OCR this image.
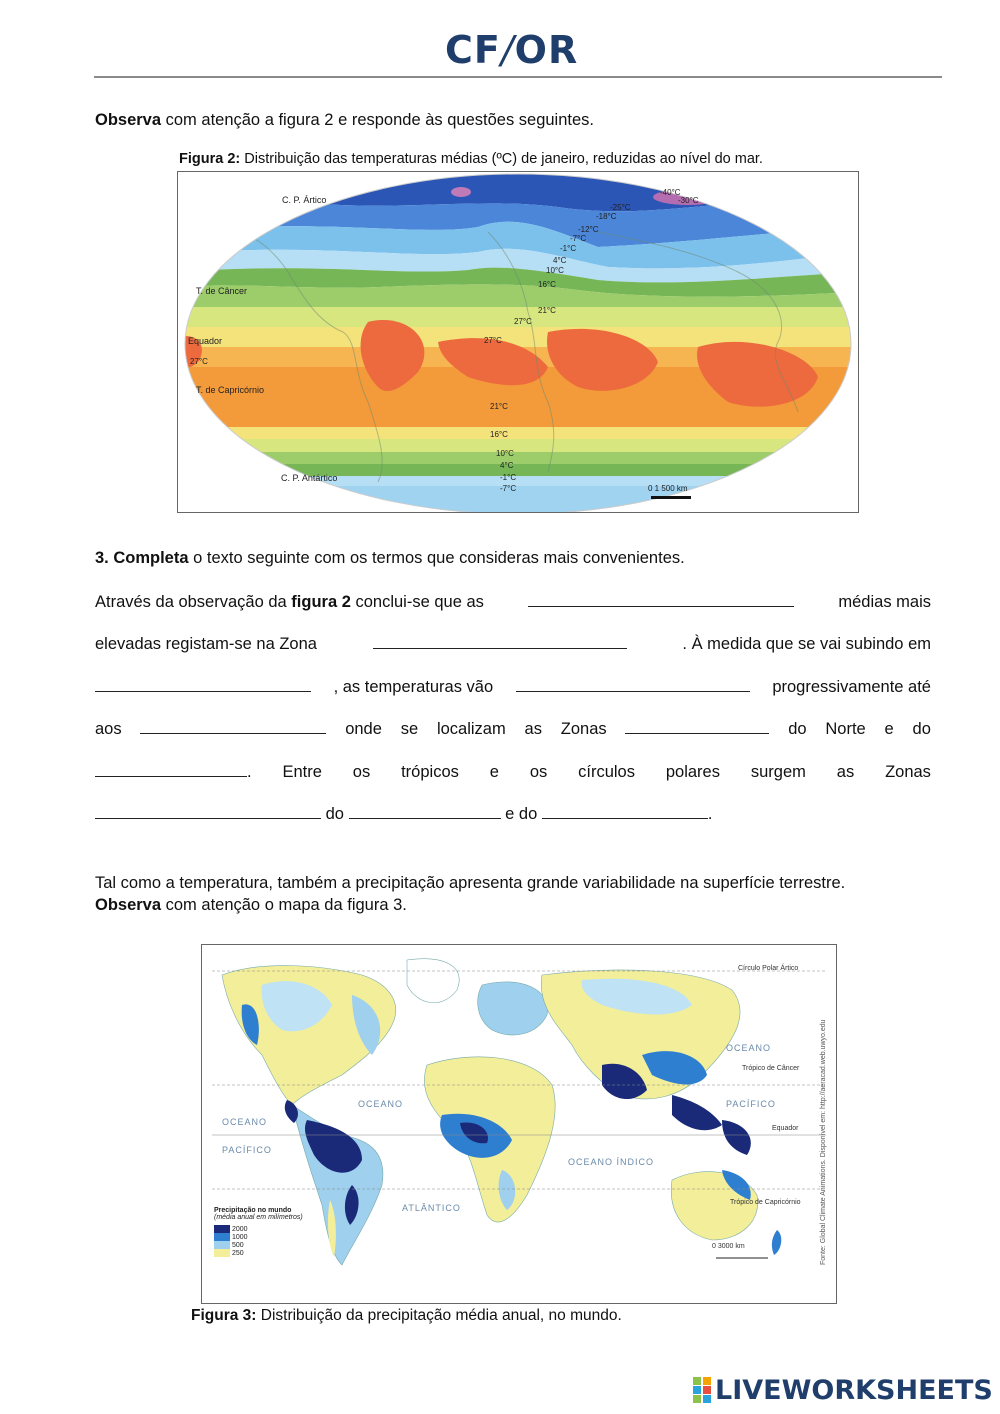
CF/OR
Observa com atenção a figura 2 e responde às questões seguintes.
Figura 2: Distribuição das temperaturas médias (ºC) de janeiro, reduzidas ao nível do mar.
C. P. Ártico
T. de Câncer
Equador
T. de Capricórnio
C. P. Antártico
0 1 500 km
-40°C
-30°C
-25°C
-18°C
-12°C
-7°C
-1°C
4°C
10°C
16°C
21°C
27°C
27°C
27°C
21°C
16°C
10°C
4°C
-1°C
-7°C
3. Completa o texto seguinte com os termos que consideras mais convenientes.
Através da observação da figura 2 conclui-se que as	médias mais
elevadas registam-se na Zona	. À medida que se vai subindo em
, as temperaturas vão	progressivamente até
aos	onde se localizam as Zonas	do Norte e do
. Entre os trópicos e os círculos polares surgem as Zonas
do	e do	.
Tal como a temperatura, também a precipitação apresenta grande variabilidade na superfície terrestre.
Observa com atenção o mapa da figura 3.
Círculo Polar Ártico
Trópico de Câncer
Equador
Trópico de Capricórnio
OCEANO
PACÍFICO
OCEANO
ATLÂNTICO
OCEANO ÍNDICO
OCEANO
PACÍFICO
0 3000 km	Fonte: Global Climate Animations. Disponível em: http://aeracad.web.uwyo.edu
Precipitação no mundo
(média anual em milímetros)
2000
1000
500
250
Figura 3: Distribuição da precipitação média anual, no mundo.
LIVEWORKSHEETS
